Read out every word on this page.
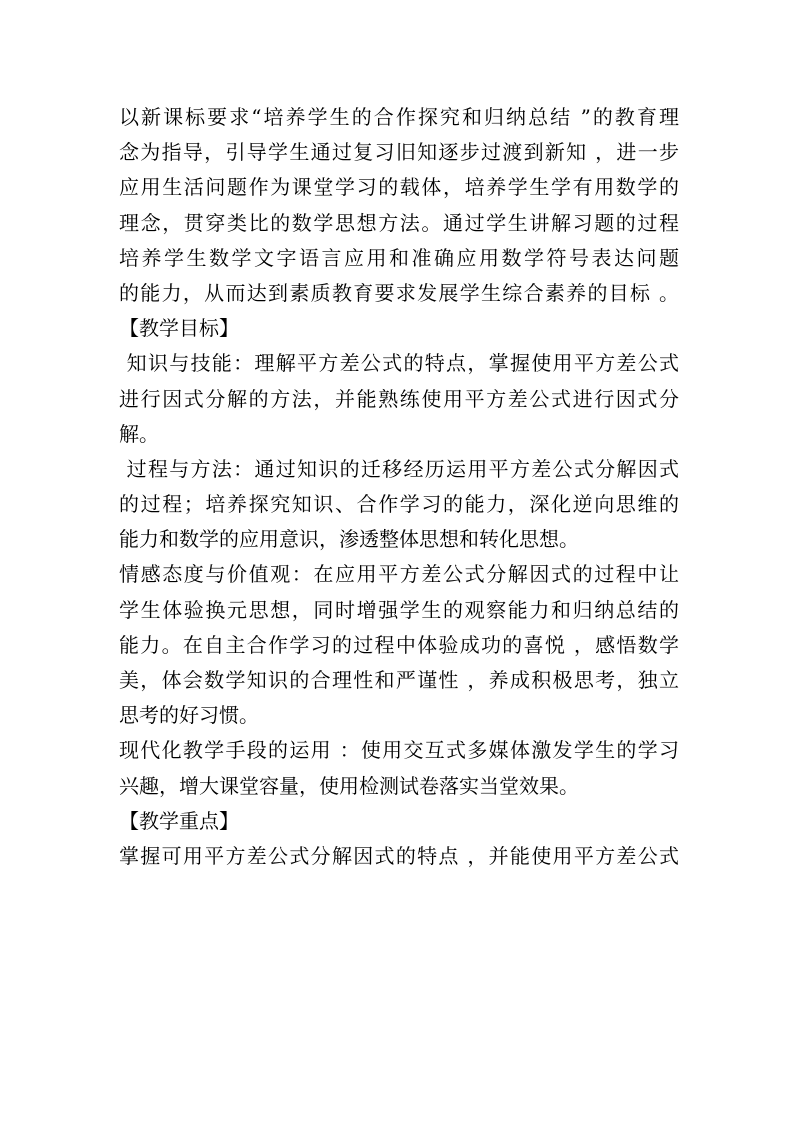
以新课标要求“培养学生的合作探究和归纳总结 ”的教育理
念为指导，引导学生通过复习旧知逐步过渡到新知 ，进一步
应用生活问题作为课堂学习的载体，培养学生学有用数学的
理念，贯穿类比的数学思想方法。通过学生讲解习题的过程
培养学生数学文字语言应用和准确应用数学符号表达问题
的能力，从而达到素质教育要求发展学生综合素养的目标 。
【教学目标】
知识与技能：理解平方差公式的特点，掌握使用平方差公式
进行因式分解的方法，并能熟练使用平方差公式进行因式分
解。
过程与方法：通过知识的迁移经历运用平方差公式分解因式
的过程；培养探究知识、合作学习的能力，深化逆向思维的
能力和数学的应用意识，渗透整体思想和转化思想。
情感态度与价值观：在应用平方差公式分解因式的过程中让
学生体验换元思想，同时增强学生的观察能力和归纳总结的
能力。在自主合作学习的过程中体验成功的喜悦 ，感悟数学
美，体会数学知识的合理性和严谨性 ，养成积极思考，独立
思考的好习惯。
现代化教学手段的运用 ：使用交互式多媒体激发学生的学习
兴趣，增大课堂容量，使用检测试卷落实当堂效果。
【教学重点】
掌握可用平方差公式分解因式的特点 ，并能使用平方差公式
